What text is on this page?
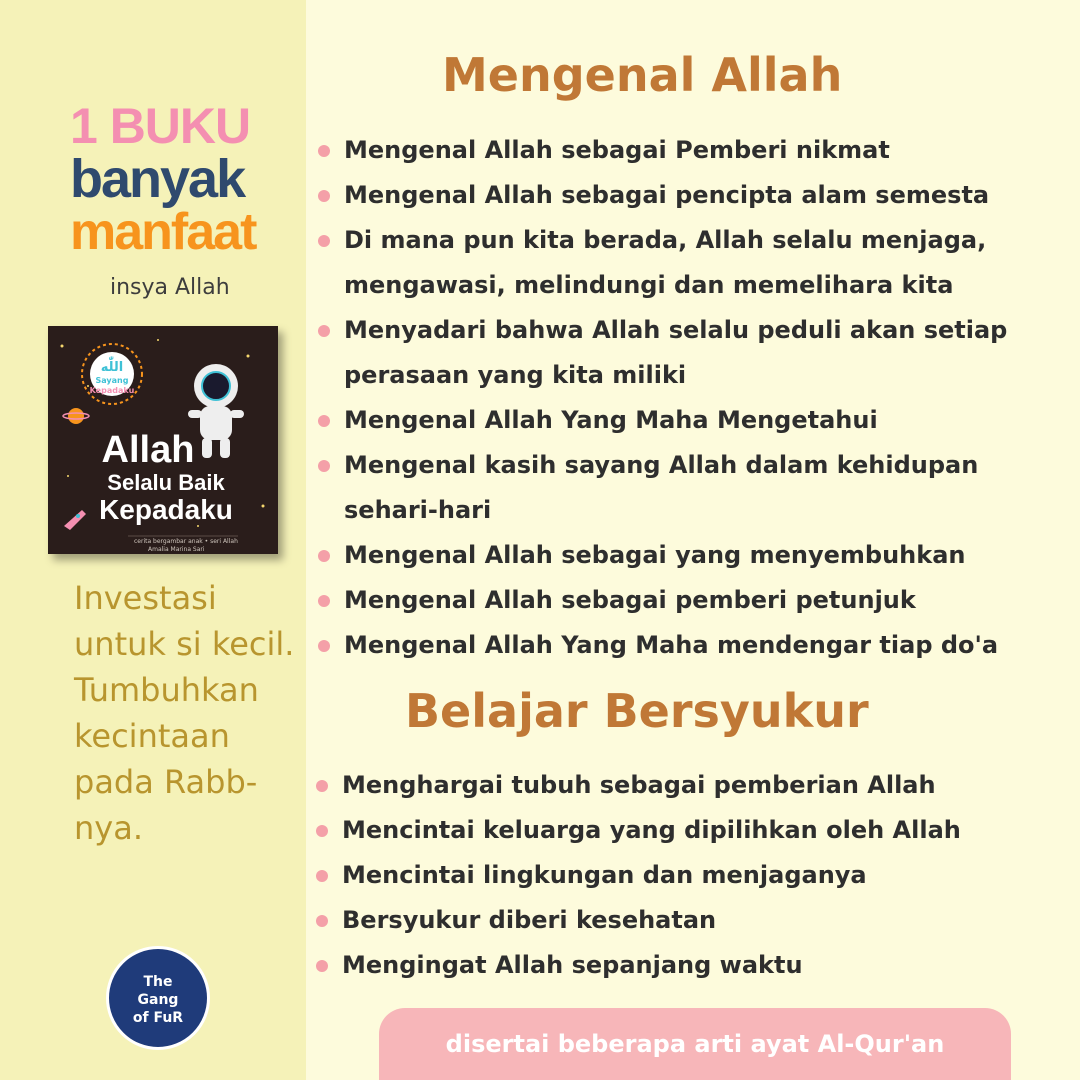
1 BUKU
banyak
manfaat
insya Allah
Allah
Selalu Baik
Kepadaku
cerita bergambar anak • seri Allah
Amalia Marina Sari
اللّٰه
Sayang
Kepadaku
Investasi untuk si kecil. Tumbuhkan kecintaan pada Rabb-nya.
The
Gang
of FuR
Mengenal Allah
Mengenal Allah sebagai Pemberi nikmat
Mengenal Allah sebagai pencipta alam semesta
Di mana pun kita berada, Allah selalu menjaga,
mengawasi, melindungi dan memelihara kita
Menyadari bahwa Allah selalu peduli akan setiap
perasaan yang kita miliki
Mengenal Allah Yang Maha Mengetahui
Mengenal kasih sayang Allah dalam kehidupan
sehari-hari
Mengenal Allah sebagai yang menyembuhkan
Mengenal Allah sebagai pemberi petunjuk
Mengenal Allah Yang Maha mendengar tiap do'a
Belajar Bersyukur
Menghargai tubuh sebagai pemberian Allah
Mencintai keluarga yang dipilihkan oleh Allah
Mencintai lingkungan dan menjaganya
Bersyukur diberi kesehatan
Mengingat Allah sepanjang waktu
disertai beberapa arti ayat Al-Qur'an
